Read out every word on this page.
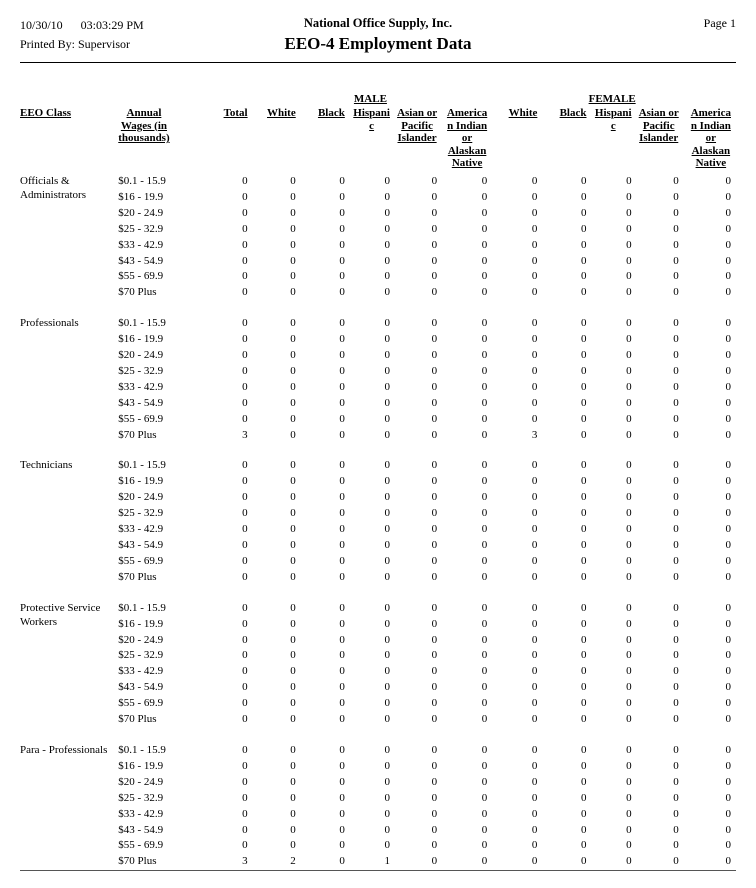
10/30/10 03:03:29 PM
Printed By: Supervisor
National Office Supply, Inc.
EEO-4 Employment Data
Page 1
			MALE					FEMALE				

EEO Class	Annual
Wages (in
thousands)	Total	White	Black	Hispani
c	Asian or
Pacific
Islander	America
n Indian
or
Alaskan
Native	White	Black	Hispani
c	Asian or
Pacific
Islander	America
n Indian
or
Alaskan
Native

Officials & Administrators	$0.1 - 15.9	0	0	0	0	0	0	0	0	0	0	0
	$16 - 19.9	0	0	0	0	0	0	0	0	0	0	0
	$20 - 24.9	0	0	0	0	0	0	0	0	0	0	0
	$25 - 32.9	0	0	0	0	0	0	0	0	0	0	0
	$33 - 42.9	0	0	0	0	0	0	0	0	0	0	0
	$43 - 54.9	0	0	0	0	0	0	0	0	0	0	0
	$55 - 69.9	0	0	0	0	0	0	0	0	0	0	0
	$70 Plus	0	0	0	0	0	0	0	0	0	0	0
Professionals	$0.1 - 15.9	0	0	0	0	0	0	0	0	0	0	0
	$16 - 19.9	0	0	0	0	0	0	0	0	0	0	0
	$20 - 24.9	0	0	0	0	0	0	0	0	0	0	0
	$25 - 32.9	0	0	0	0	0	0	0	0	0	0	0
	$33 - 42.9	0	0	0	0	0	0	0	0	0	0	0
	$43 - 54.9	0	0	0	0	0	0	0	0	0	0	0
	$55 - 69.9	0	0	0	0	0	0	0	0	0	0	0
	$70 Plus	3	0	0	0	0	0	3	0	0	0	0
Technicians	$0.1 - 15.9	0	0	0	0	0	0	0	0	0	0	0
	$16 - 19.9	0	0	0	0	0	0	0	0	0	0	0
	$20 - 24.9	0	0	0	0	0	0	0	0	0	0	0
	$25 - 32.9	0	0	0	0	0	0	0	0	0	0	0
	$33 - 42.9	0	0	0	0	0	0	0	0	0	0	0
	$43 - 54.9	0	0	0	0	0	0	0	0	0	0	0
	$55 - 69.9	0	0	0	0	0	0	0	0	0	0	0
	$70 Plus	0	0	0	0	0	0	0	0	0	0	0
Protective Service Workers	$0.1 - 15.9	0	0	0	0	0	0	0	0	0	0	0
	$16 - 19.9	0	0	0	0	0	0	0	0	0	0	0
	$20 - 24.9	0	0	0	0	0	0	0	0	0	0	0
	$25 - 32.9	0	0	0	0	0	0	0	0	0	0	0
	$33 - 42.9	0	0	0	0	0	0	0	0	0	0	0
	$43 - 54.9	0	0	0	0	0	0	0	0	0	0	0
	$55 - 69.9	0	0	0	0	0	0	0	0	0	0	0
	$70 Plus	0	0	0	0	0	0	0	0	0	0	0
Para - Professionals	$0.1 - 15.9	0	0	0	0	0	0	0	0	0	0	0
	$16 - 19.9	0	0	0	0	0	0	0	0	0	0	0
	$20 - 24.9	0	0	0	0	0	0	0	0	0	0	0
	$25 - 32.9	0	0	0	0	0	0	0	0	0	0	0
	$33 - 42.9	0	0	0	0	0	0	0	0	0	0	0
	$43 - 54.9	0	0	0	0	0	0	0	0	0	0	0
	$55 - 69.9	0	0	0	0	0	0	0	0	0	0	0
	$70 Plus	3	2	0	1	0	0	0	0	0	0	0
